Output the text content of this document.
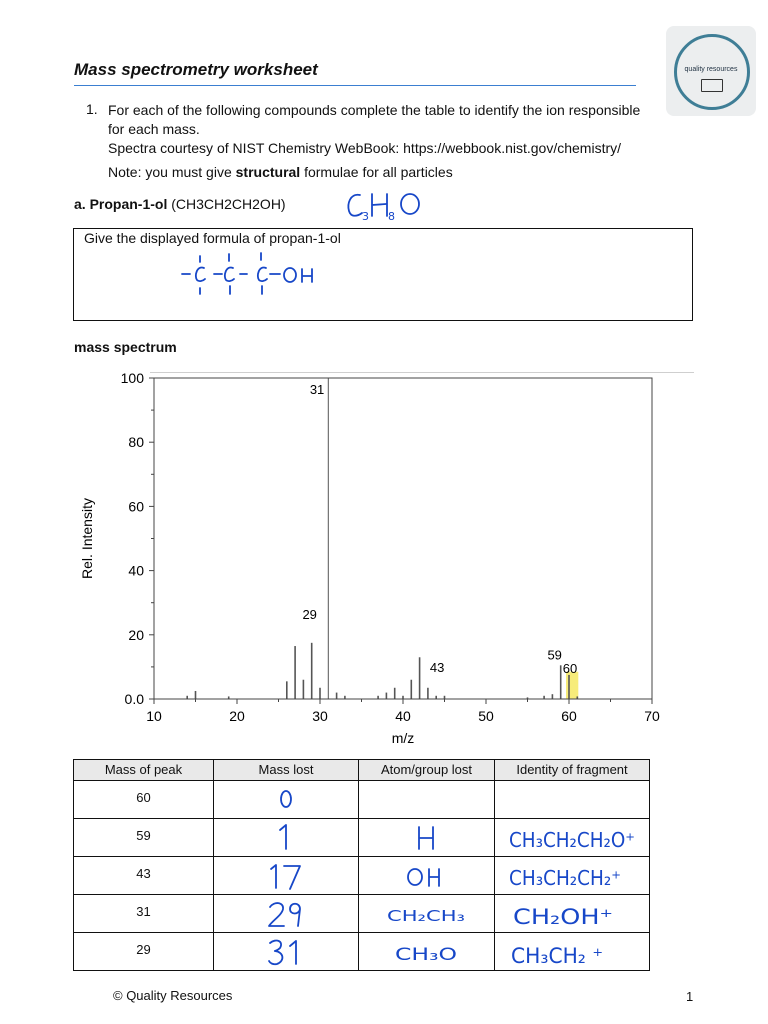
Mass spectrometry worksheet	quality resources
1. For each of the following compounds complete the table to identify the ion responsible

for each mass.

Spectra courtesy of NIST Chemistry WebBook: https://webbook.nist.gov/chemistry/

Note: you must give structural formulae for all particles

a. Propan-1-ol (CH3CH2CH2OH)
3 8
Give the displayed formula of propan-1-ol
mass spectrum
10	20	30	40	50	60	70
0.0
20
40
60
80
100
31
29
43
59
60
m/z
Rel. Intensity
Mass of peak	Mass lost	Atom/group lost	Identity of fragment

60

59			CH₃CH₂CH₂O⁺

43			CH₃CH₂CH₂⁺

31		CH₂CH₃	CH₂OH⁺

29		CH₃O	CH₃CH₂ ⁺
© Quality Resources	1
